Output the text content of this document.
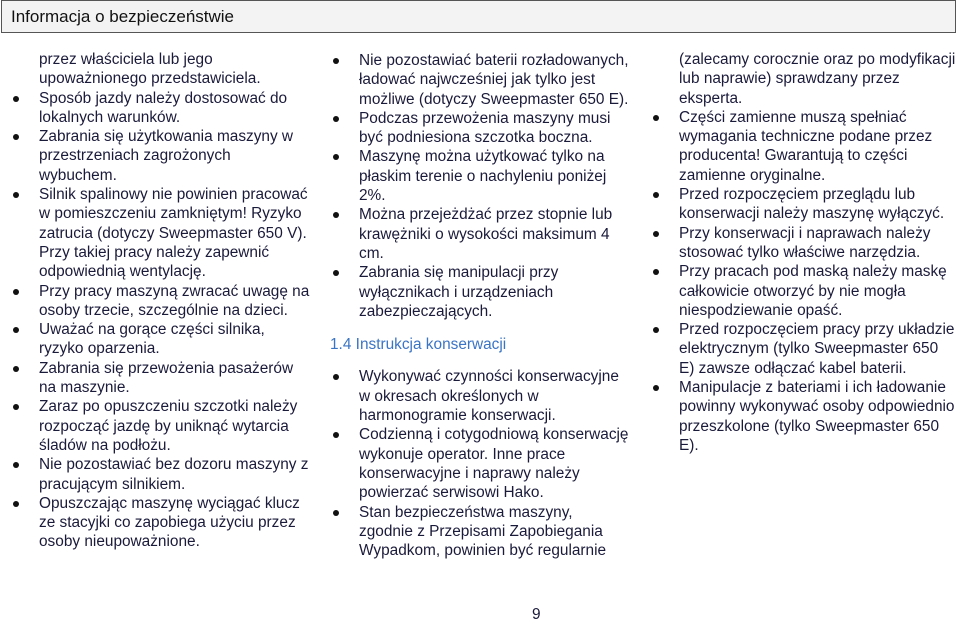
Informacja o bezpieczeństwie
przez właściciela lub jego upoważnionego przedstawiciela.
Sposób jazdy należy dostosować do lokalnych warunków.
Zabrania się użytkowania maszyny w przestrzeniach zagrożonych wybuchem.
Silnik spalinowy nie powinien pracować w pomieszczeniu zamkniętym! Ryzyko zatrucia (dotyczy Sweepmaster 650 V). Przy takiej pracy należy zapewnić odpowiednią wentylację.
Przy pracy maszyną zwracać uwagę na osoby trzecie, szczególnie na dzieci.
Uważać na gorące części silnika, ryzyko oparzenia.
Zabrania się przewożenia pasażerów na maszynie.
Zaraz po opuszczeniu szczotki należy rozpocząć jazdę by uniknąć wytarcia śladów na podłożu.
Nie pozostawiać bez dozoru maszyny z pracującym silnikiem.
Opuszczając maszynę wyciągać klucz ze stacyjki co zapobiega użyciu przez osoby nieupoważnione.
Nie pozostawiać baterii rozładowanych, ładować najwcześniej jak tylko jest możliwe (dotyczy Sweepmaster 650 E).
Podczas przewożenia maszyny musi być podniesiona szczotka boczna.
Maszynę można użytkować tylko na płaskim terenie o nachyleniu poniżej 2%.
Można przejeżdżać przez stopnie lub krawężniki o wysokości maksimum 4 cm.
Zabrania się manipulacji przy wyłącznikach i urządzeniach zabezpieczających.
1.4 Instrukcja konserwacji
Wykonywać czynności konserwacyjne w okresach określonych w harmonogramie konserwacji.
Codzienną i cotygodniową konserwację wykonuje operator. Inne prace konserwacyjne i naprawy należy powierzać serwisowi Hako.
Stan bezpieczeństwa maszyny, zgodnie z Przepisami Zapobiegania Wypadkom, powinien być regularnie
(zalecamy corocznie oraz po modyfikacji lub naprawie) sprawdzany przez eksperta.
Części zamienne muszą spełniać wymagania techniczne podane przez producenta! Gwarantują to części zamienne oryginalne.
Przed rozpoczęciem przeglądu lub konserwacji należy maszynę wyłączyć.
Przy konserwacji i naprawach należy stosować tylko właściwe narzędzia.
Przy pracach pod maską należy maskę całkowicie otworzyć by nie mogła niespodziewanie opaść.
Przed rozpoczęciem pracy przy układzie elektrycznym (tylko Sweepmaster 650 E) zawsze odłączać kabel baterii.
Manipulacje z bateriami i ich ładowanie powinny wykonywać osoby odpowiednio przeszkolone (tylko Sweepmaster 650 E).
9
